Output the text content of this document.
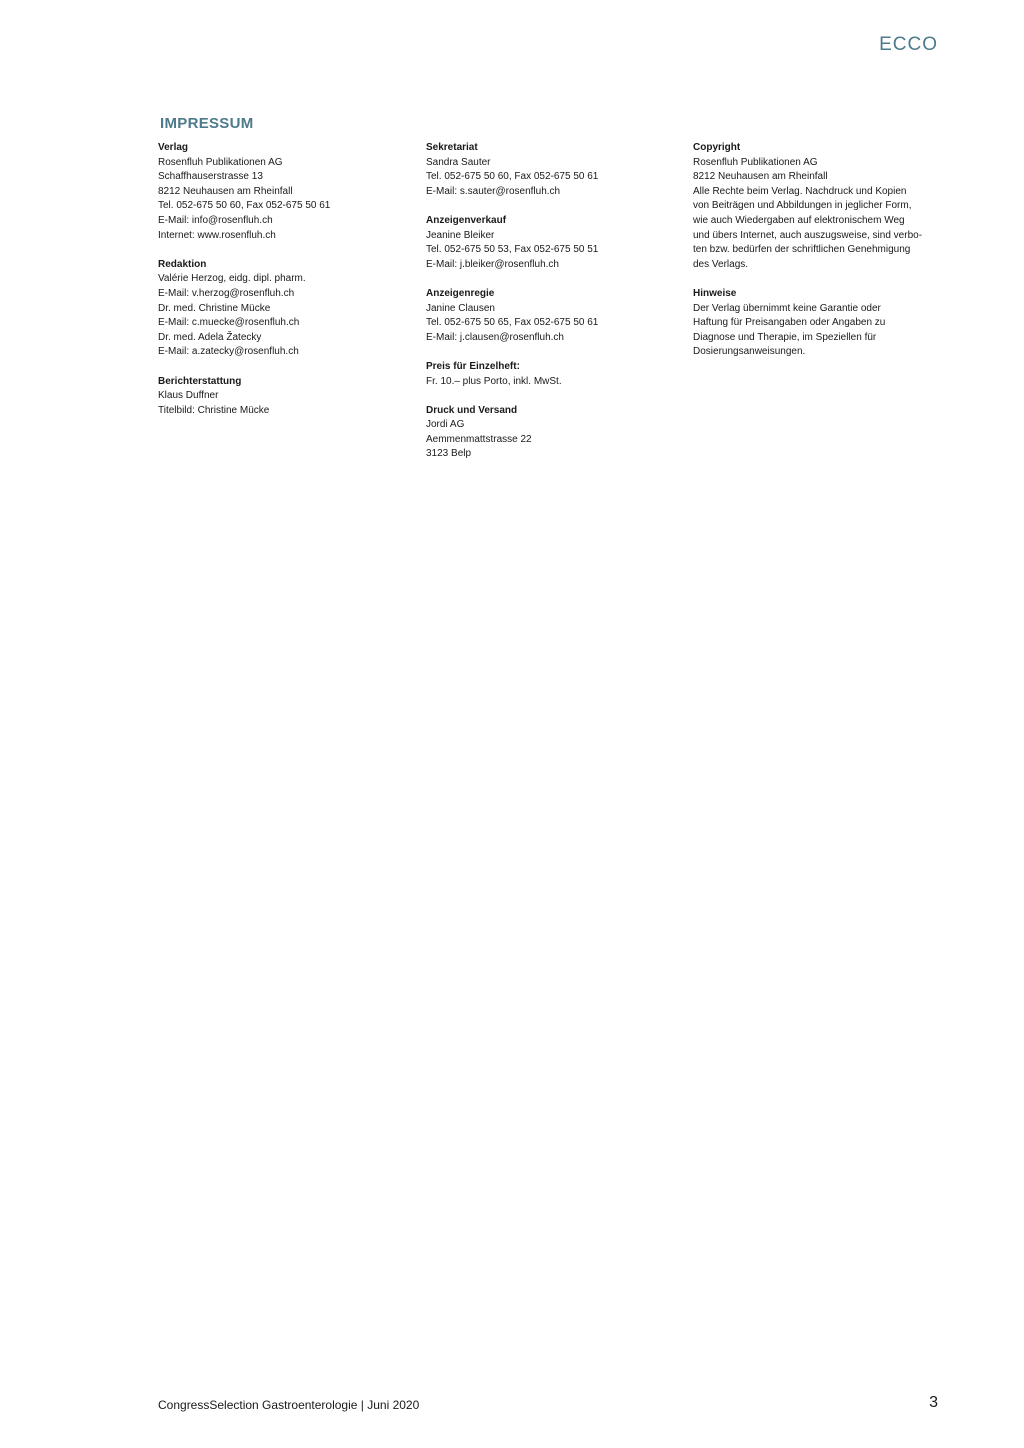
ECCO
IMPRESSUM
Verlag
Rosenfluh Publikationen AG
Schaffhauserstrasse 13
8212 Neuhausen am Rheinfall
Tel. 052-675 50 60, Fax 052-675 50 61
E-Mail: info@rosenfluh.ch
Internet: www.rosenfluh.ch
Redaktion
Valérie Herzog, eidg. dipl. pharm.
E-Mail: v.herzog@rosenfluh.ch
Dr. med. Christine Mücke
E-Mail: c.muecke@rosenfluh.ch
Dr. med. Adela Žatecky
E-Mail: a.zatecky@rosenfluh.ch
Berichterstattung
Klaus Duffner
Titelbild: Christine Mücke
Sekretariat
Sandra Sauter
Tel. 052-675 50 60, Fax 052-675 50 61
E-Mail: s.sauter@rosenfluh.ch
Anzeigenverkauf
Jeanine Bleiker
Tel. 052-675 50 53, Fax 052-675 50 51
E-Mail: j.bleiker@rosenfluh.ch
Anzeigenregie
Janine Clausen
Tel. 052-675 50 65, Fax 052-675 50 61
E-Mail: j.clausen@rosenfluh.ch
Preis für Einzelheft:
Fr. 10.– plus Porto, inkl. MwSt.
Druck und Versand
Jordi AG
Aemmenmattstrasse 22
3123 Belp
Copyright
Rosenfluh Publikationen AG
8212 Neuhausen am Rheinfall
Alle Rechte beim Verlag. Nachdruck und Kopien
von Beiträgen und Abbildungen in jeglicher Form,
wie auch Wiedergaben auf elektronischem Weg
und übers Internet, auch auszugsweise, sind verbo-
ten bzw. bedürfen der schriftlichen Genehmigung
des Verlags.
Hinweise
Der Verlag übernimmt keine Garantie oder
Haftung für Preisangaben oder Angaben zu
Diagnose und Therapie, im Speziellen für
Dosierungsanweisungen.
CongressSelection Gastroenterologie | Juni 2020	3
